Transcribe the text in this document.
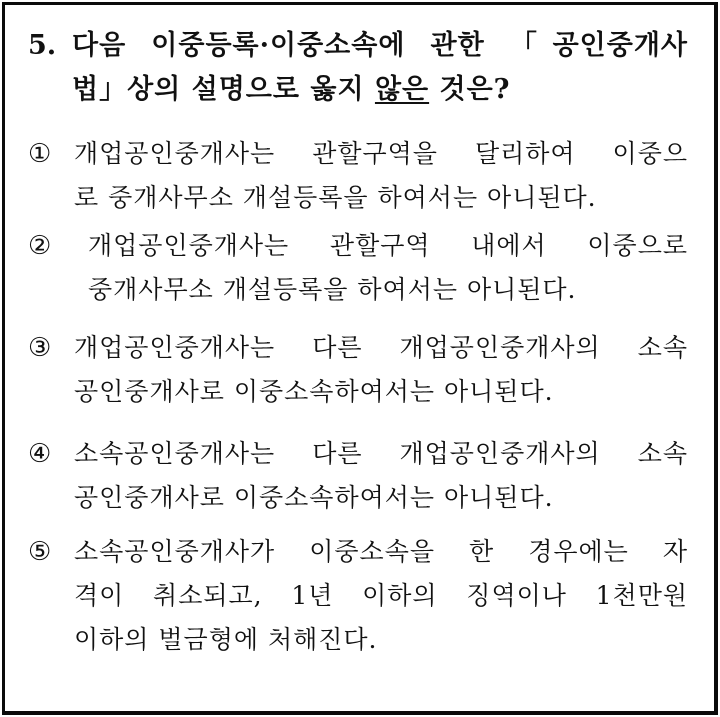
5. 다음 이중등록·이중소속에 관한 「공인중개사
법」상의 설명으로 옳지 않은 것은?
① 개업공인중개사는 관할구역을 달리하여 이중으
로 중개사무소 개설등록을 하여서는 아니된다.
②	개업공인중개사는 관할구역 내에서 이중으로
중개사무소 개설등록을 하여서는 아니된다.
③ 개업공인중개사는 다른 개업공인중개사의 소속
공인중개사로 이중소속하여서는 아니된다.
④ 소속공인중개사는 다른 개업공인중개사의 소속
공인중개사로 이중소속하여서는 아니된다.
⑤ 소속공인중개사가 이중소속을 한 경우에는 자
격이 취소되고, 1년 이하의 징역이나 1천만원
이하의 벌금형에 처해진다.
